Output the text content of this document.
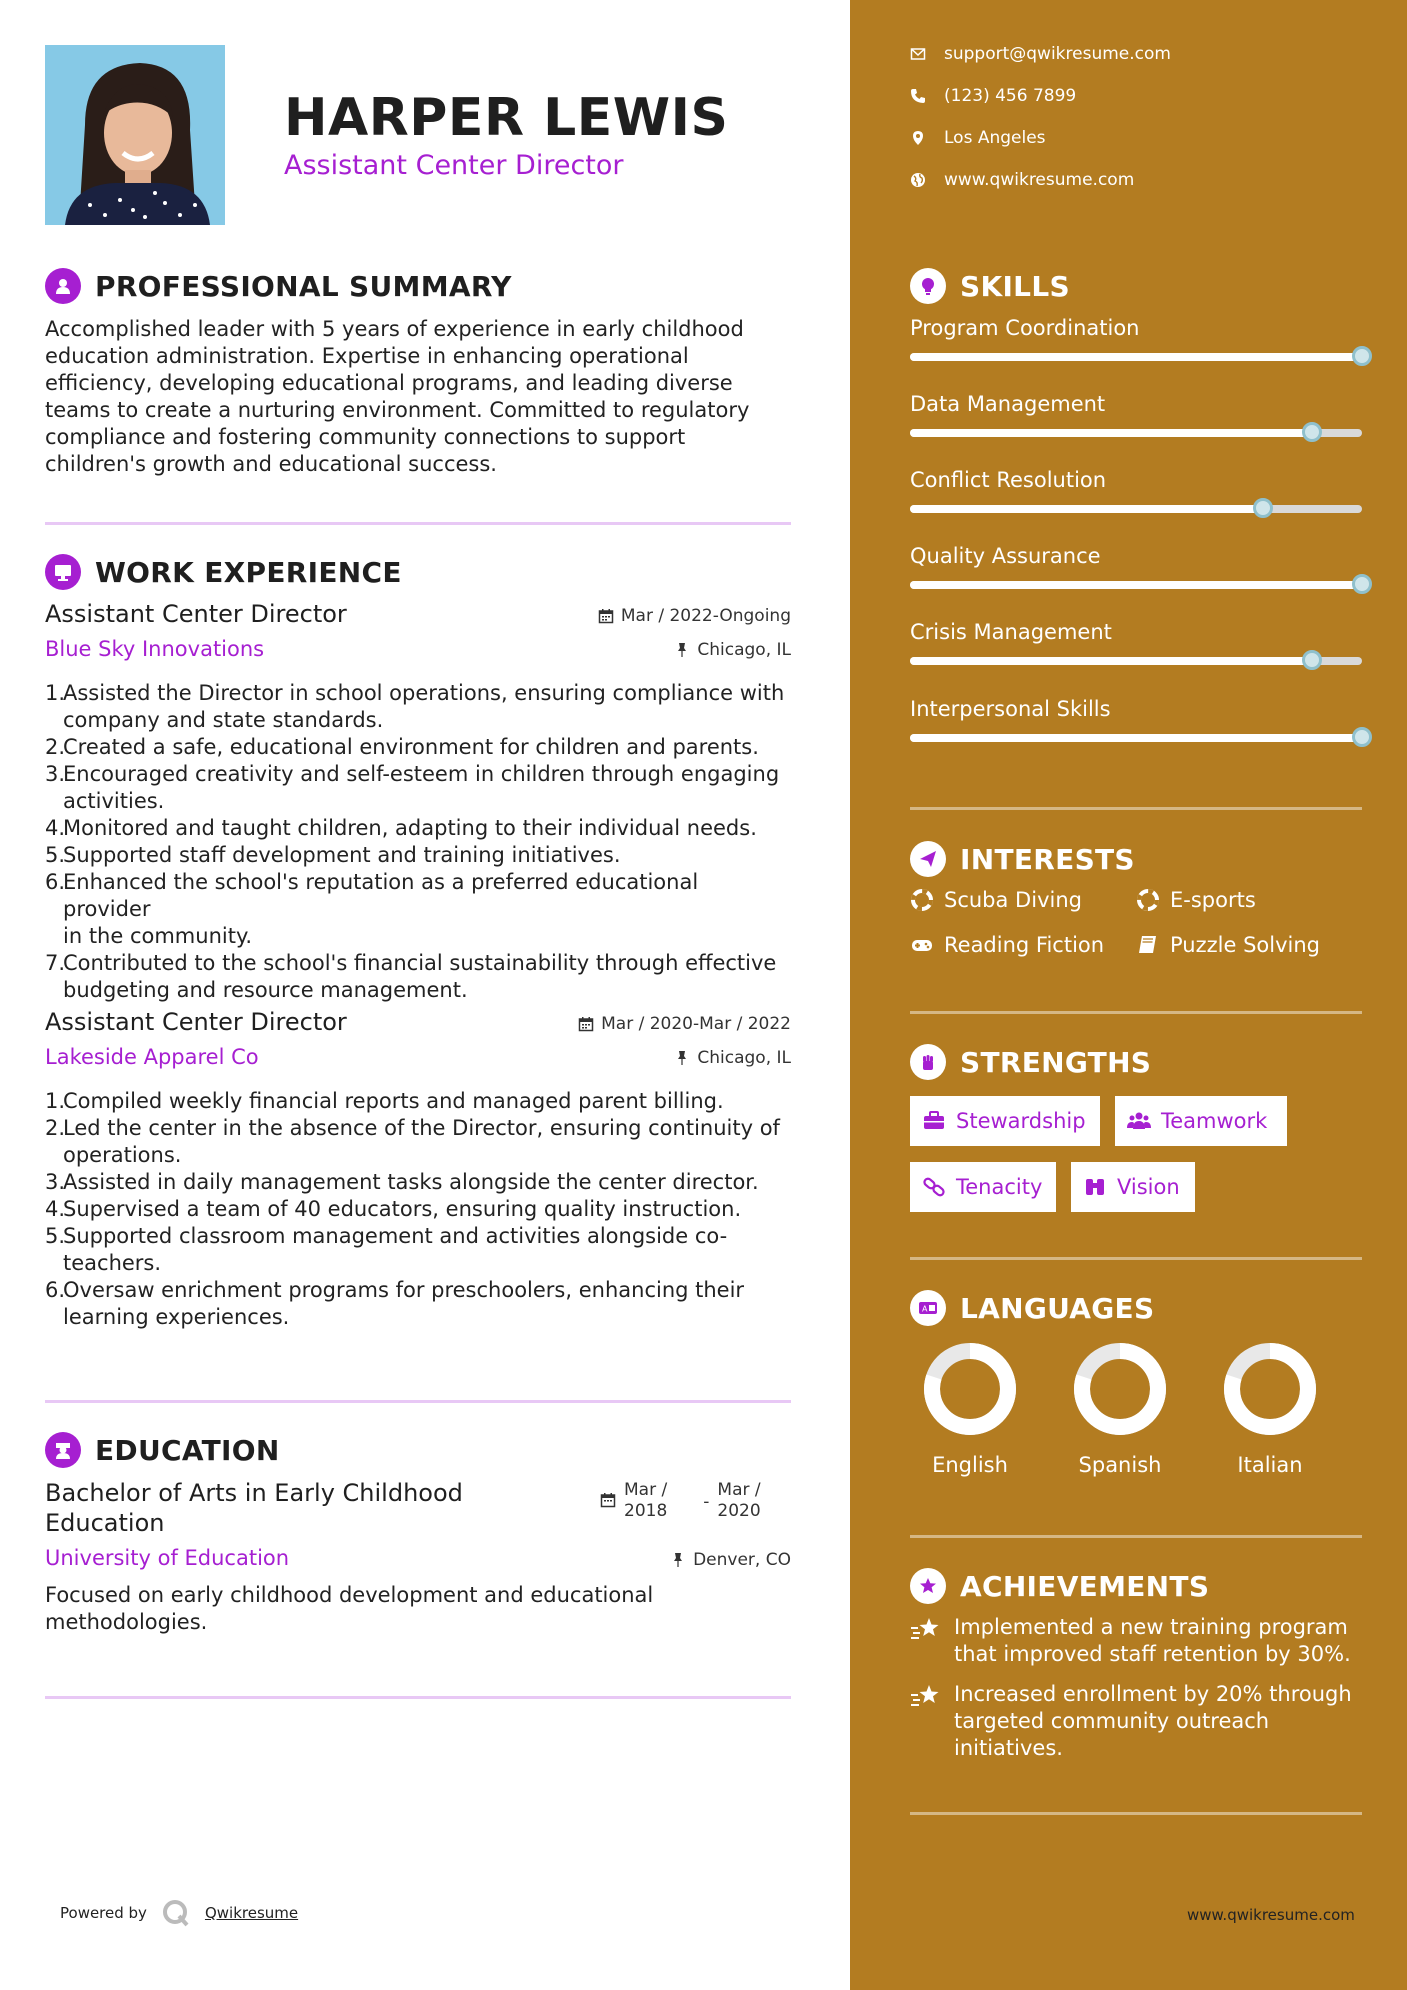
HARPER LEWIS
Assistant Center Director
PROFESSIONAL SUMMARY
Accomplished leader with 5 years of experience in early childhood
education administration. Expertise in enhancing operational
efficiency, developing educational programs, and leading diverse
teams to create a nurturing environment. Committed to regulatory
compliance and fostering community connections to support
children's growth and educational success.
WORK EXPERIENCE
Assistant Center Director
Blue Sky Innovations
Mar / 2022-Ongoing
Chicago, IL
1.Assisted the Director in school operations, ensuring compliance with
company and state standards.
2.Created a safe, educational environment for children and parents.
3.Encouraged creativity and self-esteem in children through engaging
activities.
4.Monitored and taught children, adapting to their individual needs.
5.Supported staff development and training initiatives.
6.Enhanced the school's reputation as a preferred educational provider
in the community.
7.Contributed to the school's financial sustainability through effective
budgeting and resource management.
Assistant Center Director
Lakeside Apparel Co
Mar / 2020-Mar / 2022
Chicago, IL
1.Compiled weekly financial reports and managed parent billing.
2.Led the center in the absence of the Director, ensuring continuity of
operations.
3.Assisted in daily management tasks alongside the center director.
4.Supervised a team of 40 educators, ensuring quality instruction.
5.Supported classroom management and activities alongside co-
teachers.
6.Oversaw enrichment programs for preschoolers, enhancing their
learning experiences.
EDUCATION
Bachelor of Arts in Early Childhood
Education
University of Education
Mar /
2018 -
Mar /
2020
Denver, CO
Focused on early childhood development and educational
methodologies.
Powered by	Qwikresume
support@qwikresume.com
(123) 456 7899
Los Angeles
www.qwikresume.com
SKILLS
Program Coordination
Data Management
Conflict Resolution
Quality Assurance
Crisis Management
Interpersonal Skills
INTERESTS
Scuba Diving	E-sports
Reading Fiction	Puzzle Solving
STRENGTHS
Stewardship	Teamwork
Tenacity	Vision
A LANGUAGES
English	Spanish	Italian
ACHIEVEMENTS
Implemented a new training program
that improved staff retention by 30%.
Increased enrollment by 20% through
targeted community outreach
initiatives.
www.qwikresume.com
